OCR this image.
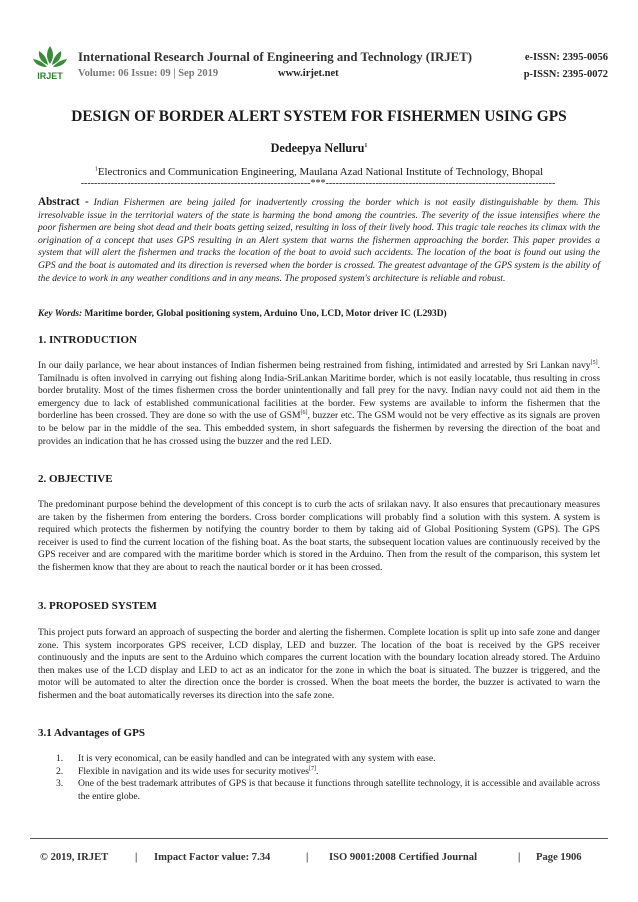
IRJET
International Research Journal of Engineering and Technology (IRJET)	e-ISSN: 2395-0056
Volume: 06 Issue: 09 | Sep 2019	www.irjet.net	p-ISSN: 2395-0072
DESIGN OF BORDER ALERT SYSTEM FOR FISHERMEN USING GPS
Dedeepya Nelluru$^1$
$^1$Electronics and Communication Engineering, Maulana Azad National Institute of Technology, Bhopal
---------------------------------------------------------------------***---------------------------------------------------------------------
Abstract - Indian Fishermen are being jailed for inadvertently crossing the border which is not easily distinguishable by them. This irresolvable issue in the territorial waters of the state is harming the bond among the countries. The severity of the issue intensifies where the poor fishermen are being shot dead and their boats getting seized, resulting in loss of their lively hood. This tragic tale reaches its climax with the origination of a concept that uses GPS resulting in an Alert system that warns the fishermen approaching the border. This paper provides a system that will alert the fishermen and tracks the location of the boat to avoid such accidents. The location of the boat is found out using the GPS and the boat is automated and its direction is reversed when the border is crossed. The greatest advantage of the GPS system is the ability of the device to work in any weather conditions and in any means. The proposed system's architecture is reliable and robust.
Key Words: Maritime border, Global positioning system, Arduino Uno, LCD, Motor driver IC (L293D)
1. INTRODUCTION
In our daily parlance, we hear about instances of Indian fishermen being restrained from fishing, intimidated and arrested by Sri Lankan navy[5]. Tamilnadu is often involved in carrying out fishing along India-SriLankan Maritime border, which is not easily locatable, thus resulting in cross border brutality. Most of the times fishermen cross the border unintentionally and fall prey for the navy. Indian navy could not aid them in the emergency due to lack of established communicational facilities at the border. Few systems are available to inform the fishermen that the borderline has been crossed. They are done so with the use of GSM[6], buzzer etc. The GSM would not be very effective as its signals are proven to be below par in the middle of the sea. This embedded system, in short safeguards the fishermen by reversing the direction of the boat and provides an indication that he has crossed using the buzzer and the red LED.
2. OBJECTIVE
The predominant purpose behind the development of this concept is to curb the acts of srilakan navy. It also ensures that precautionary measures are taken by the fishermen from entering the borders. Cross border complications will probably find a solution with this system. A system is required which protects the fishermen by notifying the country border to them by taking aid of Global Positioning System (GPS). The GPS receiver is used to find the current location of the fishing boat. As the boat starts, the subsequent location values are continuously received by the GPS receiver and are compared with the maritime border which is stored in the Arduino. Then from the result of the comparison, this system let the fishermen know that they are about to reach the nautical border or it has been crossed.
3. PROPOSED SYSTEM
This project puts forward an approach of suspecting the border and alerting the fishermen. Complete location is split up into safe zone and danger zone. This system incorporates GPS receiver, LCD display, LED and buzzer. The location of the boat is received by the GPS receiver continuously and the inputs are sent to the Arduino which compares the current location with the boundary location already stored. The Arduino then makes use of the LCD display and LED to act as an indicator for the zone in which the boat is situated. The buzzer is triggered, and the motor will be automated to alter the direction once the border is crossed. When the boat meets the border, the buzzer is activated to warn the fishermen and the boat automatically reverses its direction into the safe zone.
3.1 Advantages of GPS
1. It is very economical, can be easily handled and can be integrated with any system with ease.
2. Flexible in navigation and its wide uses for security motives[7].
3. One of the best trademark attributes of GPS is that because it functions through satellite technology, it is accessible and available across the entire globe.
© 2019, IRJET	| Impact Factor value: 7.34	| ISO 9001:2008 Certified Journal	| Page 1906
